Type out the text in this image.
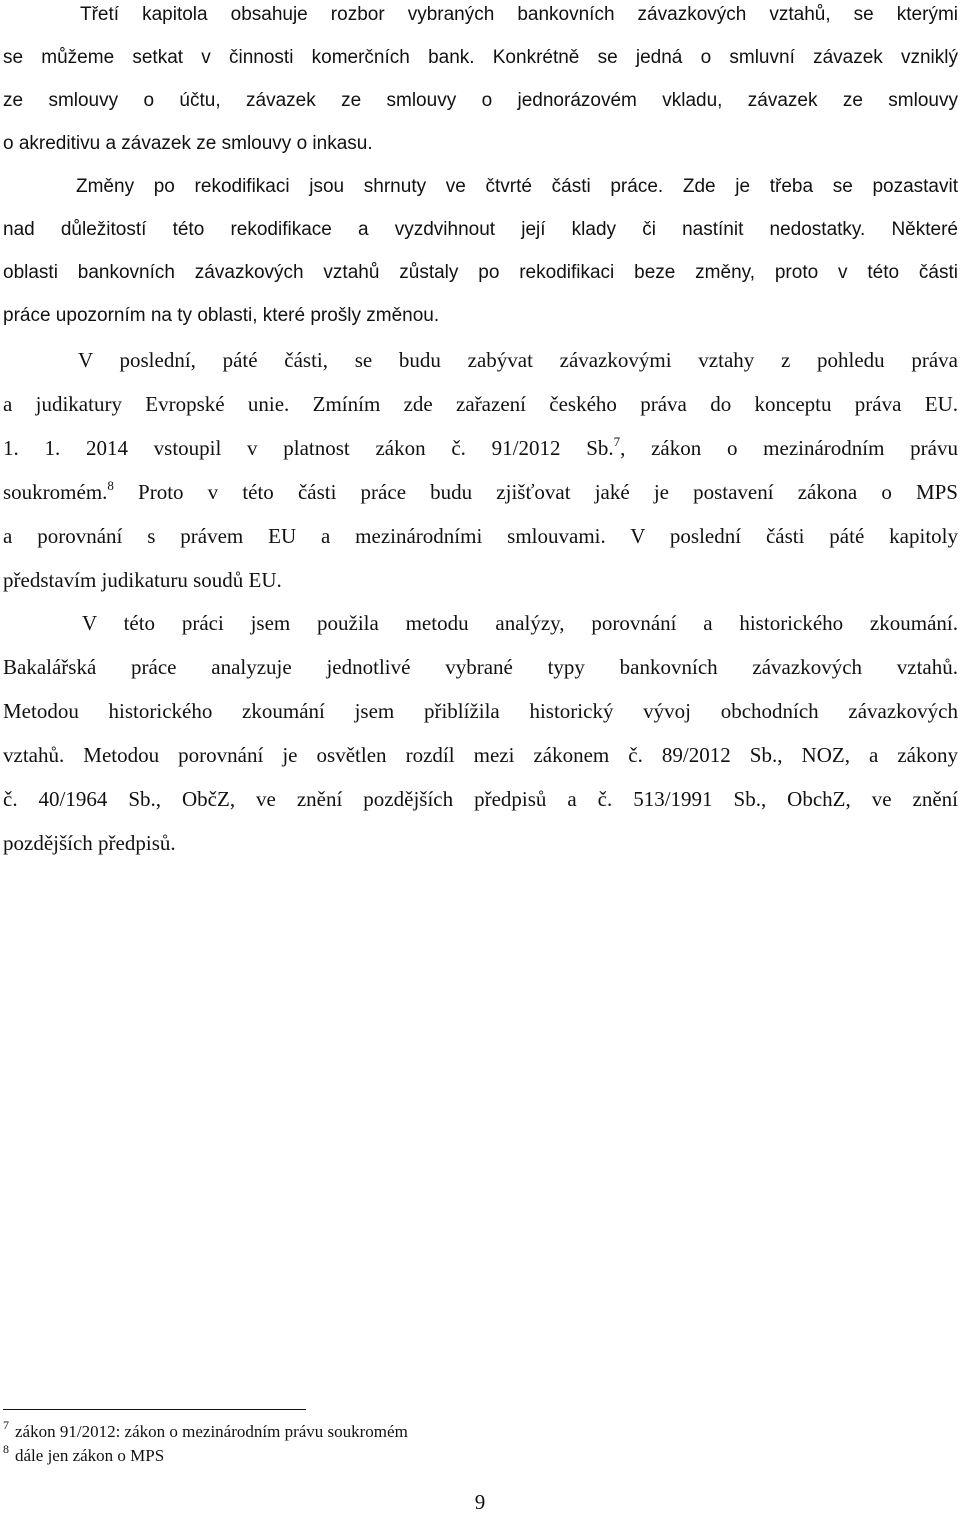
Třetí kapitola obsahuje rozbor vybraných bankovních závazkových vztahů, se kterými
se můžeme setkat v činnosti komerčních bank. Konkrétně se jedná o smluvní závazek vzniklý
ze smlouvy o účtu, závazek ze smlouvy o jednorázovém vkladu, závazek ze smlouvy
o akreditivu a závazek ze smlouvy o inkasu.
Změny po rekodifikaci jsou shrnuty ve čtvrté části práce. Zde je třeba se pozastavit
nad důležitostí této rekodifikace a vyzdvihnout její klady či nastínit nedostatky. Některé
oblasti bankovních závazkových vztahů zůstaly po rekodifikaci beze změny, proto v této části
práce upozorním na ty oblasti, které prošly změnou.
V poslední, páté části, se budu zabývat závazkovými vztahy z pohledu práva
a judikatury Evropské unie. Zmíním zde zařazení českého práva do konceptu práva EU.
1. 1. 2014 vstoupil v platnost zákon č. 91/2012 Sb.$^7$, zákon o mezinárodním právu
soukromém.$^8$ Proto v této části práce budu zjišťovat jaké je postavení zákona o MPS
a porovnání s právem EU a mezinárodními smlouvami. V poslední části páté kapitoly
představím judikaturu soudů EU.
V této práci jsem použila metodu analýzy, porovnání a historického zkoumání.
Bakalářská práce analyzuje jednotlivé vybrané typy bankovních závazkových vztahů.
Metodou historického zkoumání jsem přiblížila historický vývoj obchodních závazkových
vztahů. Metodou porovnání je osvětlen rozdíl mezi zákonem č. 89/2012 Sb., NOZ, a zákony
č. 40/1964 Sb., ObčZ, ve znění pozdějších předpisů a č. 513/1991 Sb., ObchZ, ve znění
pozdějších předpisů.
$^7$ zákon 91/2012: zákon o mezinárodním právu soukromém
$^8$ dále jen zákon o MPS
9
